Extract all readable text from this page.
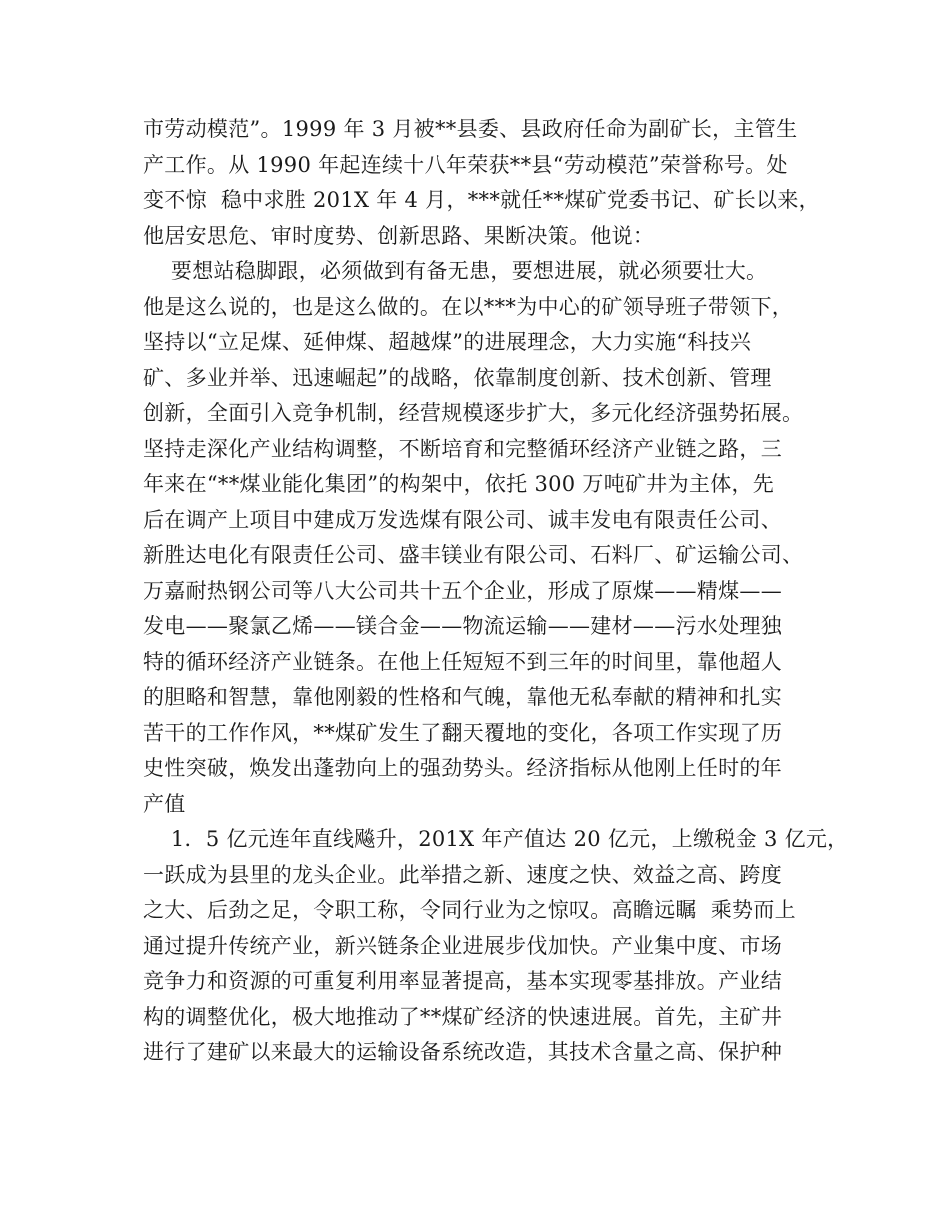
市劳动模范”。1999 年 3 月被**县委、县政府任命为副矿长，主管生
产工作。从 1990 年起连续十八年荣获**县“劳动模范”荣誉称号。处
变不惊  稳中求胜 201X 年 4 月，***就任**煤矿党委书记、矿长以来，
他居安思危、审时度势、创新思路、果断决策。他说：
要想站稳脚跟，必须做到有备无患，要想进展，就必须要壮大。
他是这么说的，也是这么做的。在以***为中心的矿领导班子带领下，
坚持以“立足煤、延伸煤、超越煤”的进展理念，大力实施“科技兴
矿、多业并举、迅速崛起”的战略，依靠制度创新、技术创新、管理
创新，全面引入竞争机制，经营规模逐步扩大，多元化经济强势拓展。
坚持走深化产业结构调整，不断培育和完整循环经济产业链之路，三
年来在“**煤业能化集团”的构架中，依托 300 万吨矿井为主体，先
后在调产上项目中建成万发选煤有限公司、诚丰发电有限责任公司、
新胜达电化有限责任公司、盛丰镁业有限公司、石料厂、矿运输公司、
万嘉耐热钢公司等八大公司共十五个企业，形成了原煤——精煤——
发电——聚氯乙烯——镁合金——物流运输——建材——污水处理独
特的循环经济产业链条。在他上任短短不到三年的时间里，靠他超人
的胆略和智慧，靠他刚毅的性格和气魄，靠他无私奉献的精神和扎实
苦干的工作作风，**煤矿发生了翻天覆地的变化，各项工作实现了历
史性突破，焕发出蓬勃向上的强劲势头。经济指标从他刚上任时的年
产值
1．5 亿元连年直线飚升，201X 年产值达 20 亿元，上缴税金 3 亿元，
一跃成为县里的龙头企业。此举措之新、速度之快、效益之高、跨度
之大、后劲之足，令职工称，令同行业为之惊叹。高瞻远瞩  乘势而上
通过提升传统产业，新兴链条企业进展步伐加快。产业集中度、市场
竞争力和资源的可重复利用率显著提高，基本实现零基排放。产业结
构的调整优化，极大地推动了**煤矿经济的快速进展。首先，主矿井
进行了建矿以来最大的运输设备系统改造，其技术含量之高、保护种
